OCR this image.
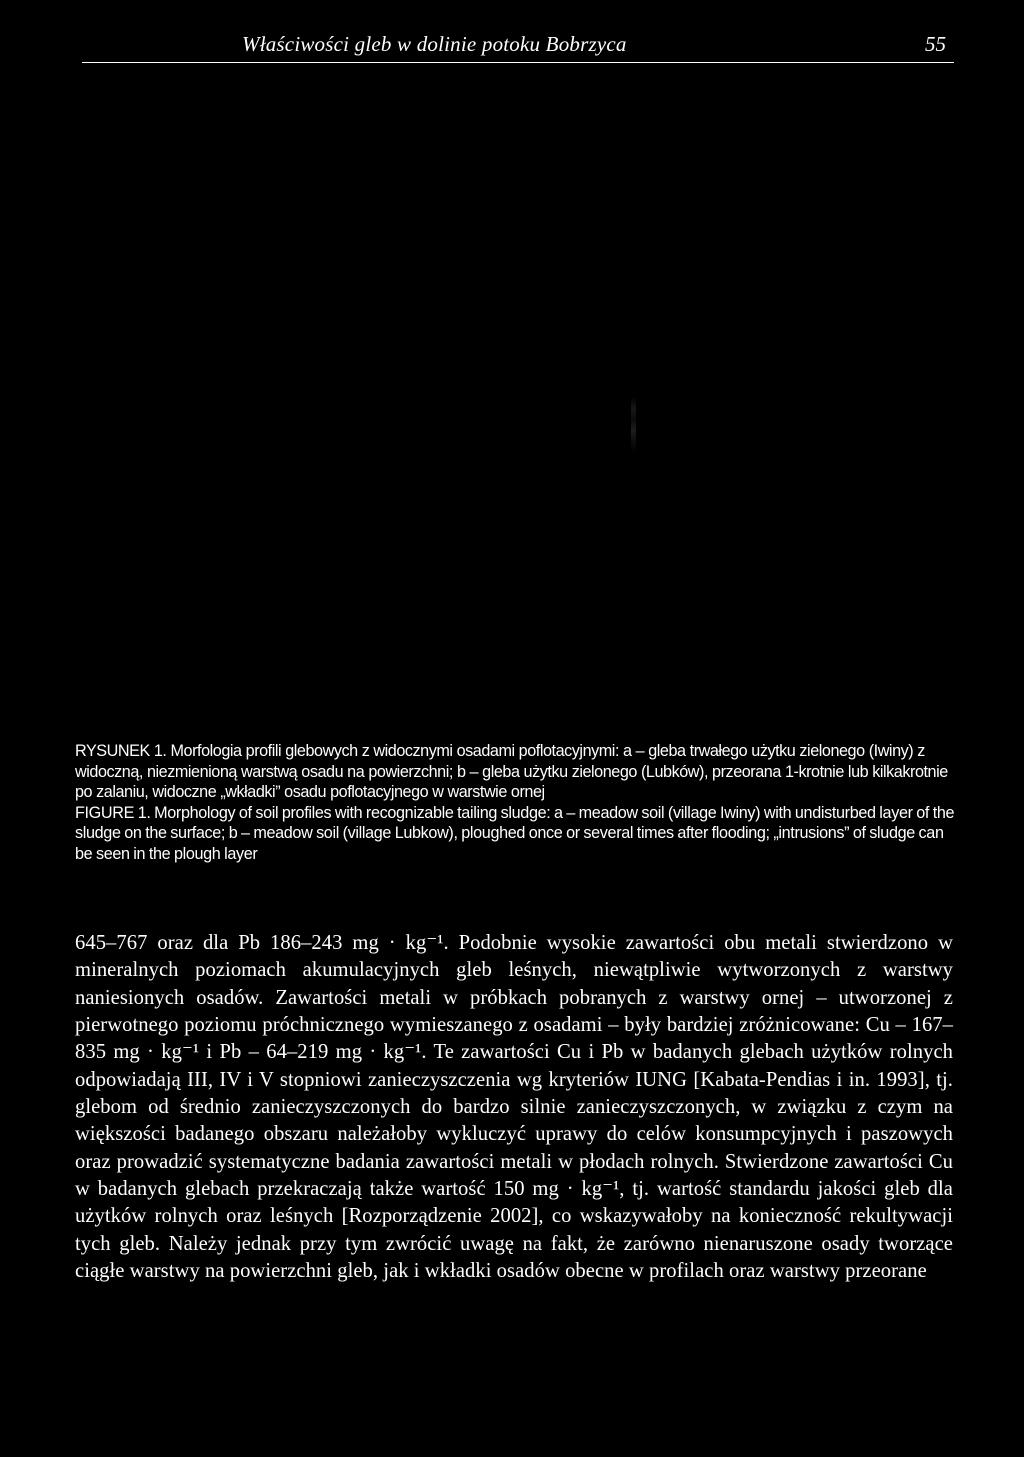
Właściwości gleb w dolinie potoku Bobrzyca	55

RYSUNEK 1. Morfologia profili glebowych z widocznymi osadami poflotacyjnymi: a – gleba trwałego użytku zielonego (Iwiny) z widoczną, niezmienioną warstwą osadu na powierzchni; b – gleba użytku zielonego (Lubków), przeorana 1-krotnie lub kilkakrotnie po zalaniu, widoczne „wkładki” osadu poflotacyjnego w warstwie ornej

FIGURE 1. Morphology of soil profiles with recognizable tailing sludge: a – meadow soil (village Iwiny) with undisturbed layer of the sludge on the surface; b – meadow soil (village Lubkow), ploughed once or several times after flooding; „intrusions” of sludge can be seen in the plough layer

645–767 oraz dla Pb 186–243 mg · kg⁻¹. Podobnie wysokie zawartości obu metali stwierdzono w mineralnych poziomach akumulacyjnych gleb leśnych, niewątpliwie wytworzonych z warstwy naniesionych osadów. Zawartości metali w próbkach pobranych z warstwy ornej – utworzonej z pierwotnego poziomu próchnicznego wymieszanego z osadami – były bardziej zróżnicowane: Cu – 167–835 mg · kg⁻¹ i Pb – 64–219 mg · kg⁻¹. Te zawartości Cu i Pb w badanych glebach użytków rolnych odpowiadają III, IV i V stopniowi zanieczyszczenia wg kryteriów IUNG [Kabata-Pendias i in. 1993], tj. glebom od średnio zanieczyszczonych do bardzo silnie zanieczyszczonych, w związku z czym na większości badanego obszaru należałoby wykluczyć uprawy do celów konsumpcyjnych i paszowych oraz prowadzić systematyczne badania zawartości metali w płodach rolnych. Stwierdzone zawartości Cu w badanych glebach przekraczają także wartość 150 mg · kg⁻¹, tj. wartość standardu jakości gleb dla użytków rolnych oraz leśnych [Rozporządzenie 2002], co wskazywałoby na konieczność rekultywacji tych gleb. Należy jednak przy tym zwrócić uwagę na fakt, że zarówno nienaruszone osady tworzące ciągłe warstwy na powierzchni gleb, jak i wkładki osadów obecne w profilach oraz warstwy przeorane
